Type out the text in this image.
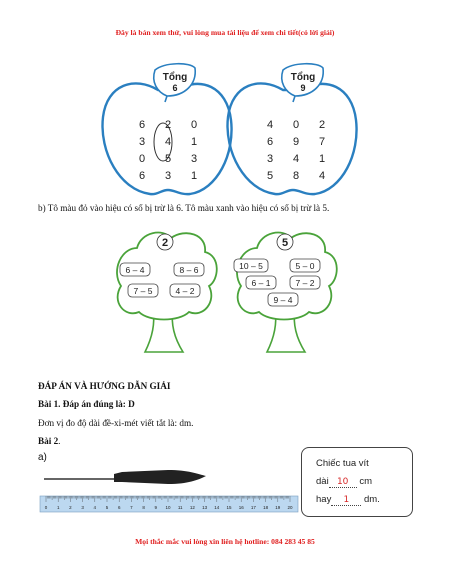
Đây là bản xem thử, vui lòng mua tài liệu để xem chi tiết(có lời giải)
Tổng
6
6 2 0
3 4 1
0 5 3
6 3 1
Tổng
9
4 0 2
6 9 7
3 4 1
5 8 4
b) Tô màu đỏ vào hiệu có số bị trừ là 6. Tô màu xanh vào hiệu có số bị trừ là 5.
2
6 – 4	8 – 6
7 – 5	4 – 2
5
10 – 5	5 – 0
6 – 1	7 – 2
9 – 4
ĐÁP ÁN VÀ HƯỚNG DẪN GIẢI
Bài 1. Đáp án đúng là: D
Đơn vị đo độ dài đề-xi-mét viết tắt là: dm.
Bài 2.
a)
0 1 2 3 4 5 6 7 8 9 10 11 12 13 14 15 16 17 18 19 20
Chiếc tua vít
dài 10 cm
hay 1 dm.
Mọi thắc mắc vui lòng xin liên hệ hotline: 084 283 45 85
